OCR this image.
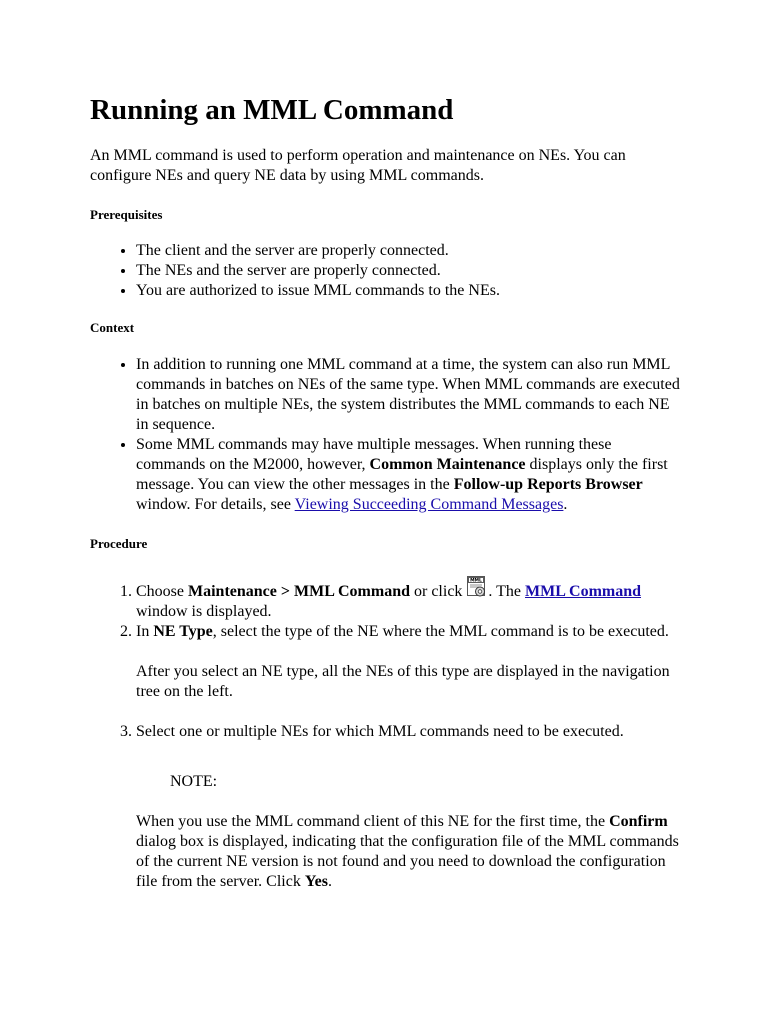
Running an MML Command

An MML command is used to perform operation and maintenance on NEs. You can configure NEs and query NE data by using MML commands.

Prerequisites

• The client and the server are properly connected.
• The NEs and the server are properly connected.
• You are authorized to issue MML commands to the NEs.

Context

• In addition to running one MML command at a time, the system can also run MML commands in batches on NEs of the same type. When MML commands are executed in batches on multiple NEs, the system distributes the MML commands to each NE in sequence.
• Some MML commands may have multiple messages. When running these commands on the M2000, however, Common Maintenance displays only the first message. You can view the other messages in the Follow-up Reports Browser window. For details, see Viewing Succeeding Command Messages.

Procedure

1. Choose Maintenance > MML Command or click
MML
. The MML Command window is displayed.
2. In NE Type, select the type of the NE where the MML command is to be executed.

After you select an NE type, all the NEs of this type are displayed in the navigation tree on the left.

3. Select one or multiple NEs for which MML commands need to be executed.

NOTE:

When you use the MML command client of this NE for the first time, the Confirm dialog box is displayed, indicating that the configuration file of the MML commands of the current NE version is not found and you need to download the configuration file from the server. Click Yes.
